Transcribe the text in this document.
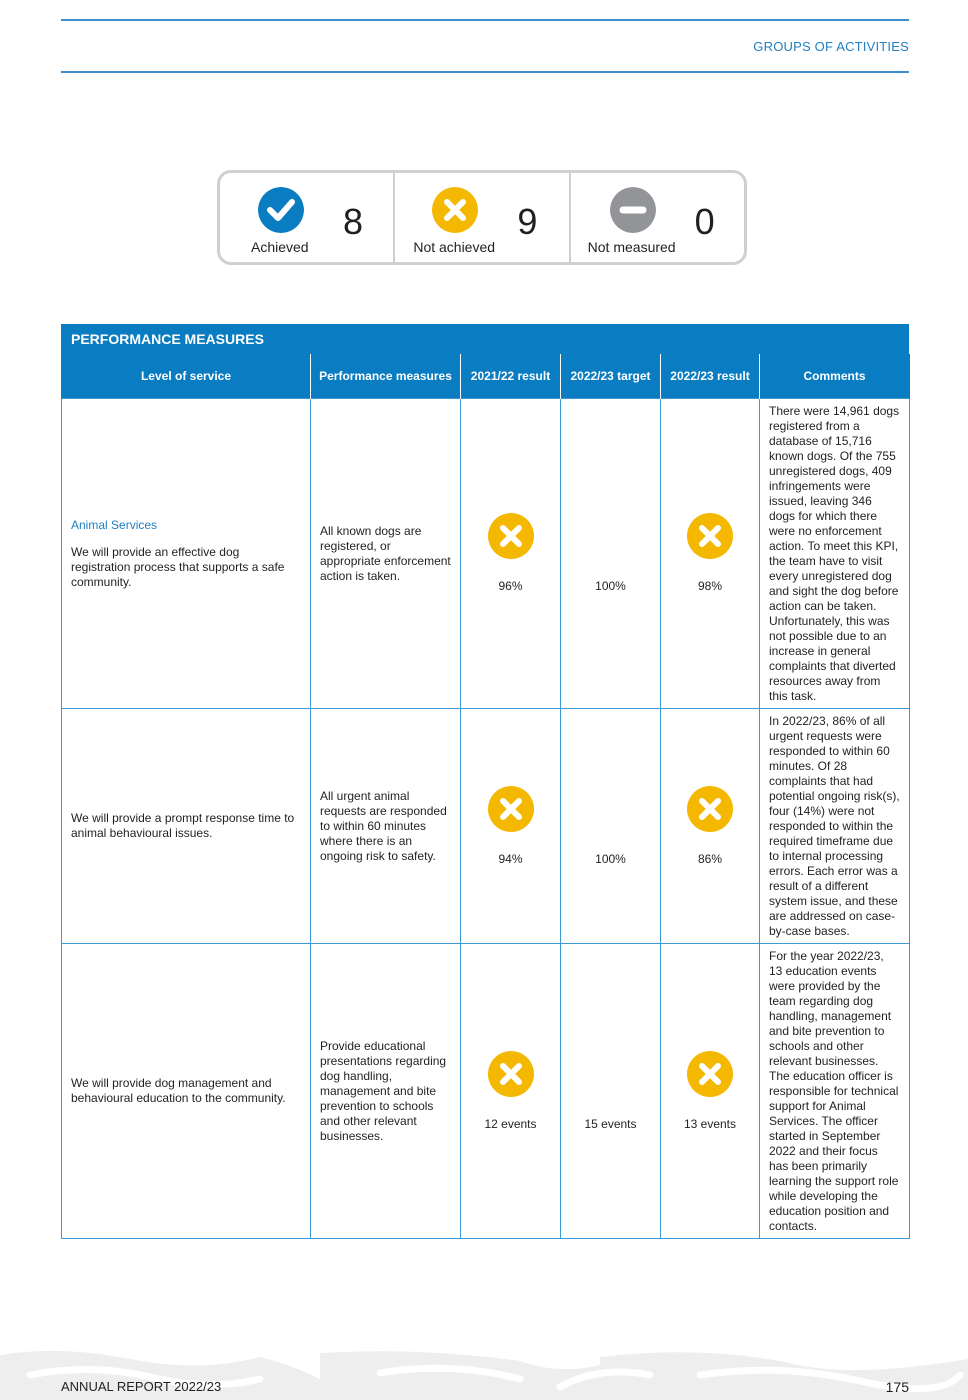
GROUPS OF ACTIVITIES
Achieved
8
Not achieved
9
Not measured
0
PERFORMANCE MEASURES
Level of service	Performance measures	2021/22 result	2022/23 target	2022/23 result	Comments

Animal Services
We will provide an effective dog registration process that supports a safe community.	All known dogs are registered, or appropriate enforcement action is taken.	96%	100%	98%	There were 14,961 dogs registered from a database of 15,716 known dogs. Of the 755 unregistered dogs, 409 infringements were issued, leaving 346 dogs for which there were no enforcement action. To meet this KPI, the team have to visit every unregistered dog and sight the dog before action can be taken. Unfortunately, this was not possible due to an increase in general complaints that diverted resources away from this task.
We will provide a prompt response time to animal behavioural issues.	All urgent animal requests are responded to within 60 minutes where there is an ongoing risk to safety.	94%	100%	86%	In 2022/23, 86% of all urgent requests were responded to within 60 minutes. Of 28 complaints that had potential ongoing risk(s), four (14%) were not responded to within the required timeframe due to internal processing errors. Each error was a result of a different system issue, and these are addressed on case-by-case bases.
We will provide dog management and behavioural education to the community.	Provide educational presentations regarding dog handling, management and bite prevention to schools and other relevant businesses.	12 events	15 events	13 events	For the year 2022/23, 13 education events were provided by the team regarding dog handling, management and bite prevention to schools and other relevant businesses. The education officer is responsible for technical support for Animal Services. The officer started in September 2022 and their focus has been primarily learning the support role while developing the education position and contacts.
ANNUAL REPORT 2022/23	175
